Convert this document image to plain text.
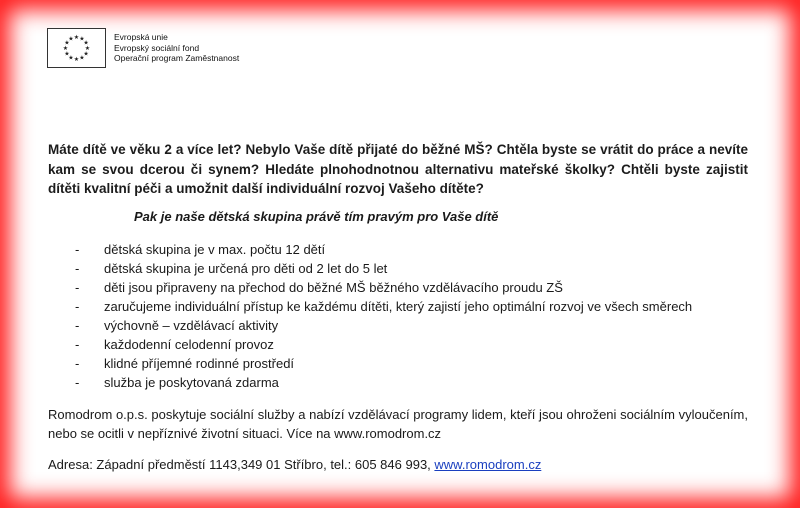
★ ★
★
★
★
★
★
★
★
★
★
★	Evropská unie
Evropský sociální fond
Operační program Zaměstnanost
Máte dítě ve věku 2 a více let? Nebylo Vaše dítě přijaté do běžné MŠ? Chtěla byste se vrátit do práce a nevíte kam se svou dcerou či synem? Hledáte plnohodnotnou alternativu mateřské školky? Chtěli byste zajistit dítěti kvalitní péči a umožnit další individuální rozvoj Vašeho dítěte?
Pak je naše dětská skupina právě tím pravým pro Vaše dítě
-	dětská skupina je v max. počtu 12 dětí
-	dětská skupina je určená pro děti od 2 let do 5 let
-	děti jsou připraveny na přechod do běžné MŠ běžného vzdělávacího proudu ZŠ
-	zaručujeme individuální přístup ke každému dítěti, který zajistí jeho optimální rozvoj ve všech směrech
-	výchovně – vzdělávací aktivity
-	každodenní celodenní provoz
-	klidné příjemné rodinné prostředí
-	služba je poskytovaná zdarma
Romodrom o.p.s. poskytuje sociální služby a nabízí vzdělávací programy lidem, kteří jsou ohroženi sociálním vyloučením, nebo se ocitli v nepříznivé životní situaci. Více na www.romodrom.cz
Adresa: Západní předměstí 1143,349 01 Stříbro, tel.: 605 846 993, www.romodrom.cz
